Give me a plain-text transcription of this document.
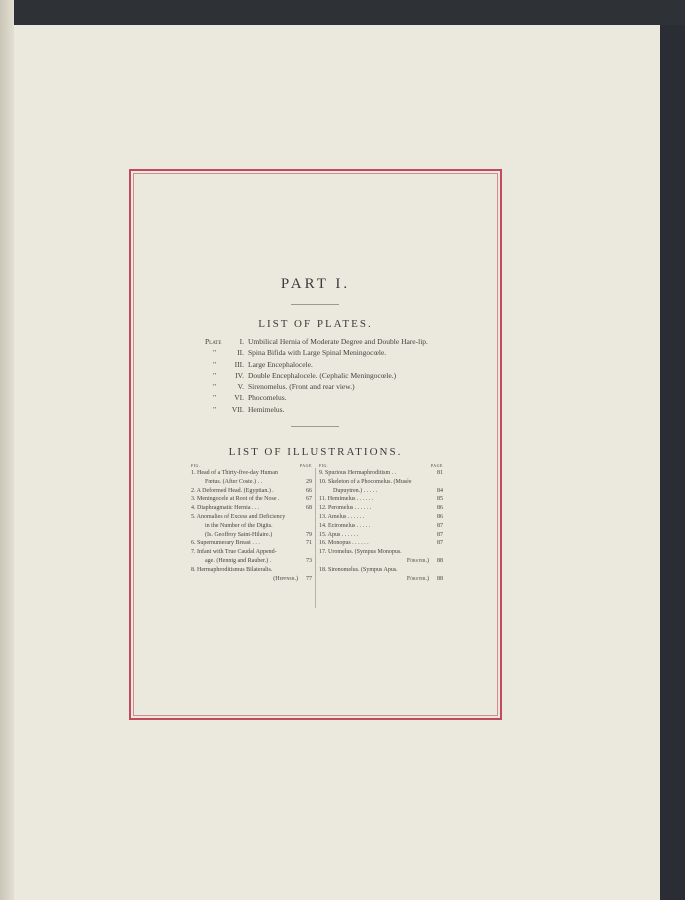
PART I.
LIST OF PLATES.
Plate	I. Umbilical Hernia of Moderate Degree and Double Hare-lip.
"	II. Spina Bifida with Large Spinal Meningocœle.
"	III. Large Encephalocele.
"	IV. Double Encephalocele. (Cephalic Meningocœle.)
"	V. Sirenomelus. (Front and rear view.)
"	VI. Phocomelus.
"	VII. Hemimelus.
LIST OF ILLUSTRATIONS.
FIG.	PAGE
1. Head of a Thirty-five-day Human
Fœtus. (After Coste.) . .	29
2. A Deformed Head. (Egyptian.) .	66
3. Meningocele at Root of the Nose .	67
4. Diaphragmatic Hernia . . .	68
5. Anomalies of Excess and Deficiency
in the Number of the Digits.
(Is. Geoffroy Saint-Hilaire.)	79
6. Supernumerary Breast . . .	71
7. Infant with True Caudal Append-
age. (Hennig and Rauber.) .	73
8. Hermaphroditismus Bilateralis.
(Heppner.) 77
FIG.	PAGE
9. Spurious Hermaphroditism . .	81
10. Skeleton of a Phocomelus. (Musée
Dupuytren.) . . . . .	84
11. Hemimelus . . . . . .	85
12. Peromelus . . . . . .	86
13. Amelus . . . . . .	86
14. Ectromelus . . . . .	87
15. Apus . . . . . .	87
16. Monopus . . . . . .	87
17. Uromelus. (Sympus Monopus.
Förster.) 88
18. Sirenomelus. (Sympus Apus.
Förster.) 88
